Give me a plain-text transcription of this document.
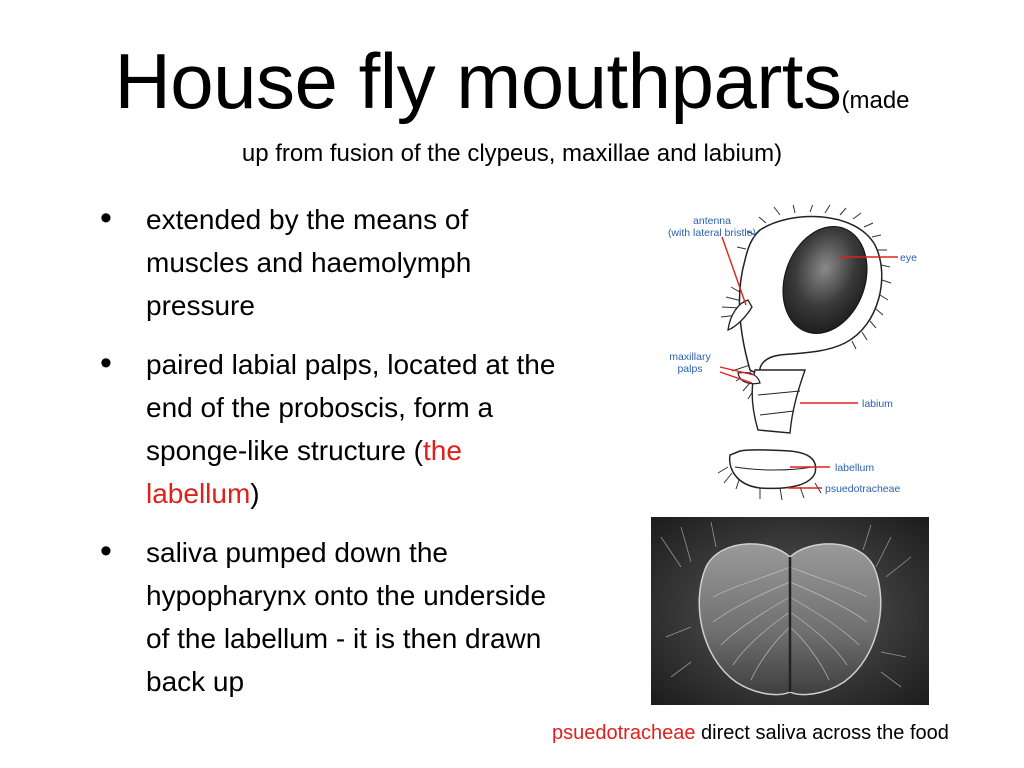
House fly mouthparts(made
up from fusion of the clypeus, maxillae and labium)
• extended by the means of muscles and haemolymph pressure
• paired labial palps, located at the end of the proboscis, form a sponge-like structure (the labellum)
• saliva pumped down the hypopharynx onto the underside of the labellum - it is then drawn back up
antenna
(with lateral bristle)
eye
maxillary
palps
labium
labellum
psuedotracheae
psuedotracheae direct saliva across the food
